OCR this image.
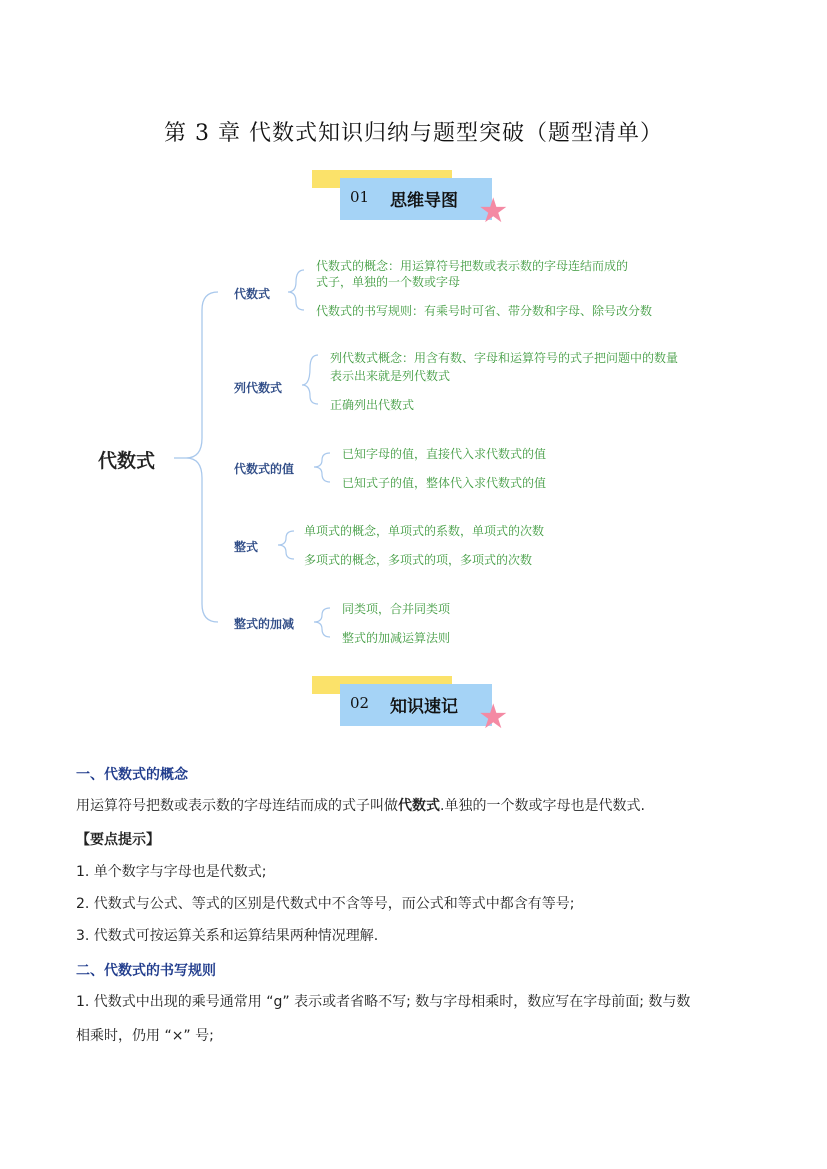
第 3 章 代数式知识归纳与题型突破（题型清单）
01 思维导图 ★
代数式
代数式
代数式的概念：用运算符号把数或表示数的字母连结而成的
式子，单独的一个数或字母
代数式的书写规则：有乘号时可省、带分数和字母、除号改分数
列代数式
列代数式概念：用含有数、字母和运算符号的式子把问题中的数量
表示出来就是列代数式
正确列出代数式
代数式的值
已知字母的值，直接代入求代数式的值
已知式子的值，整体代入求代数式的值
整式
单项式的概念，单项式的系数，单项式的次数
多项式的概念，多项式的项，多项式的次数
整式的加减
同类项，合并同类项
整式的加减运算法则
02 知识速记 ★
一、代数式的概念
用运算符号把数或表示数的字母连结而成的式子叫做代数式.单独的一个数或字母也是代数式.
【要点提示】
1. 单个数字与字母也是代数式;
2. 代数式与公式、等式的区别是代数式中不含等号，而公式和等式中都含有等号;
3. 代数式可按运算关系和运算结果两种情况理解.
二、代数式的书写规则
1. 代数式中出现的乘号通常用 “g” 表示或者省略不写; 数与字母相乘时，数应写在字母前面; 数与数
相乘时，仍用 “×” 号;
